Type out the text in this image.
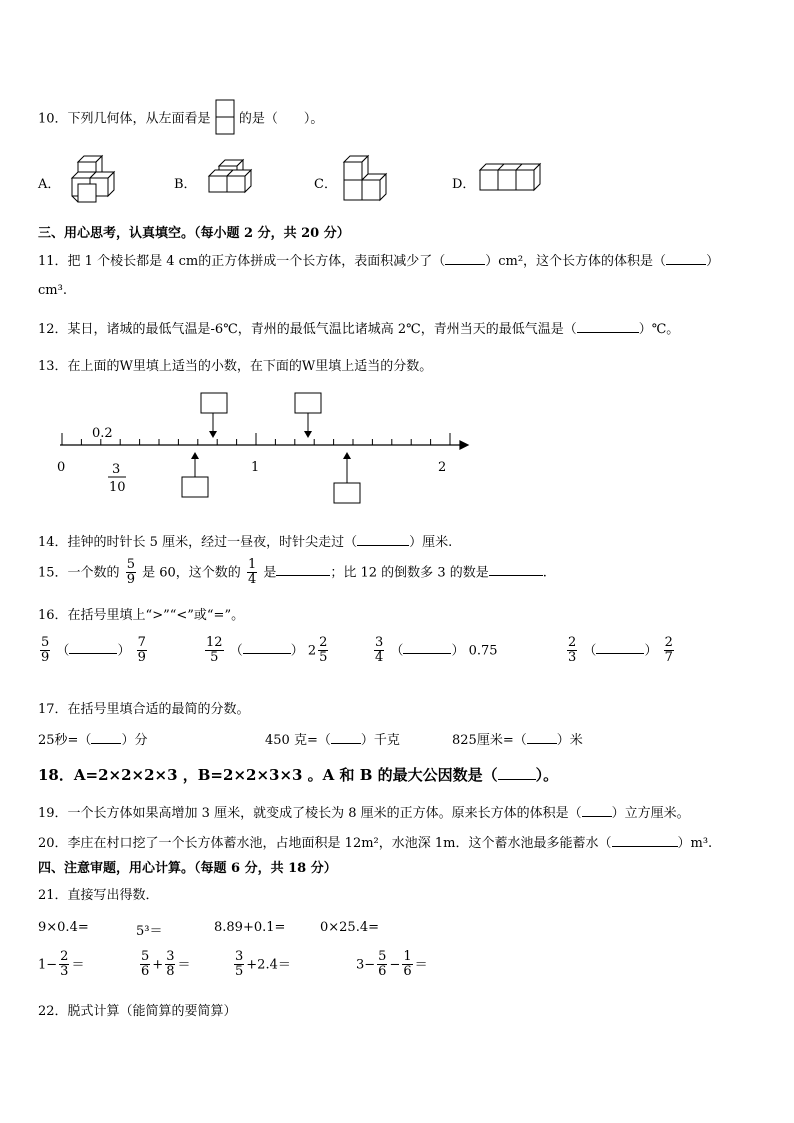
10．下列几何体，从左面看是 的是（　　）。
A．	B．	C．	D．
三、用心思考，认真填空。（每小题 2 分，共 20 分）
11．把 1 个棱长都是 4 cm的正方体拼成一个长方体，表面积减少了（	）cm²，这个长方体的体积是（	）
cm³.
12．某日，诸城的最低气温是-6℃，青州的最低气温比诸城高 2℃，青州当天的最低气温是（	）℃。
13．在上面的W里填上适当的小数，在下面的W里填上适当的分数。
0.2
0	1	2
3
10
14．挂钟的时针长 5 厘米，经过一昼夜，时针尖走过（	）厘米.
15．一个数的 $\frac{5}{9}$ 是 60，这个数的 $\frac{1}{4}$ 是	；比 12 的倒数多 3 的数是	.
16．在括号里填上“>”“<”或“=”。
$\frac{5}{9}$ （	） $\frac{7}{9}$	$\frac{12}{5}$ （	） $2 \frac{2}{5}$	$\frac{3}{4}$ （	） 0.75	$\frac{2}{3}$ （	） $\frac{2}{7}$
17．在括号里填合适的最简的分数。
25秒=（ ）分	450 克=（ ）千克	825厘米=（ ）米
18．A=2×2×2×3 ，B=2×2×3×3 。A 和 B 的最大公因数是（	）。
19．一个长方体如果高增加 3 厘米，就变成了棱长为 8 厘米的正方体。原来长方体的体积是（ ）立方厘米。
20．李庄在村口挖了一个长方体蓄水池，占地面积是 12m²，水池深 1m．这个蓄水池最多能蓄水（	）m³.
四、注意审题，用心计算。（每题 6 分，共 18 分）
21．直接写出得数．
9×0.4=	5³＝	8.89+0.1=	0×25.4=
$1- \frac{2}{3}$ ＝	$\frac{5}{6} + \frac{3}{8}$ ＝	$\frac{3}{5} +2.4=$	$3- \frac{5}{6} - \frac{1}{6}$ ＝
22．脱式计算（能简算的要简算）
